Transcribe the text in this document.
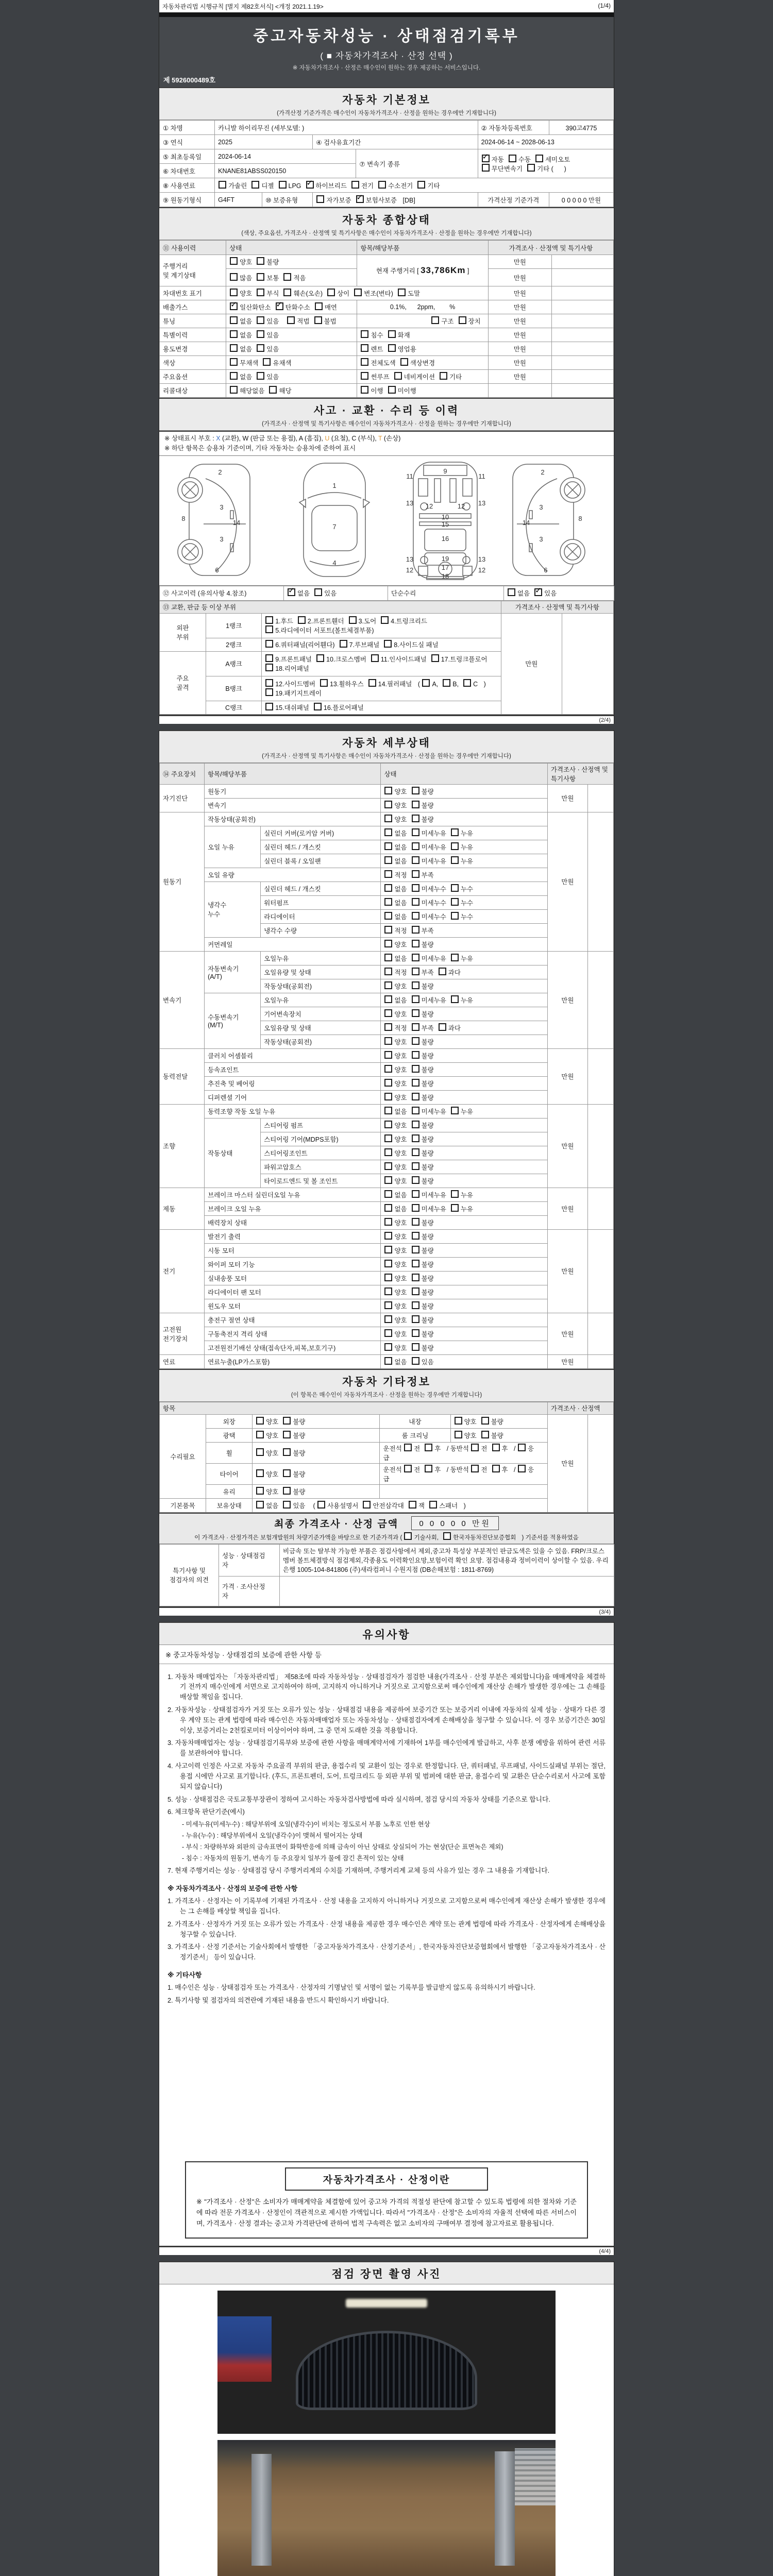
자동차관리법 시행규칙 [별지 제82호서식] <개정 2021.1.19>	(1/4)
중고자동차성능 · 상태점검기록부
( ■ 자동차가격조사 · 산정 선택 )
※ 자동차가격조사 · 산정은 매수인이 원하는 경우 제공하는 서비스입니다.
제 5926000489호
자동차 기본정보
(가격산정 기준가격은 매수인이 자동차가격조사 · 산정을 원하는 경우에만 기재합니다)
① 차명	카니발 하이리무진 (세부모델: )				② 자동차등록번호	390고4775
③ 연식	2025		④ 검사유효기간		2024-06-14 ~ 2028-06-13	
⑤ 최초등록일	2024-06-14			⑦ 변속기 종류	✓자동 수동 세미오토
무단변속기 기타 (      )
⑥ 차대번호	KNANE81ABSS020150					
⑧ 사용연료	가솔린 디젤 LPG ✓ 하이브리드 전기 수소전기 기타
⑨ 원동기형식	G4FT	⑩ 보증유형	자가보증 ✓ 보험사보증 [DB]		가격산정 기준가격	0 0 0 0 0 만원
자동차 종합상태
(색상, 주요옵션, 가격조사 · 산정액 및 특기사항은 매수인이 자동차가격조사 · 산정을 원하는 경우에만 기재합니다)
⑪ 사용이력	상태	항목/해당부품	가격조사 · 산정액 및 특기사항	
주행거리
및 계기상태	양호 불량	현재 주행거리 [ 33,786Km ]	만원	
	많음 보통 적음		만원	
차대번호 표기	양호 부식 훼손(오손) 상이 변조(변타) 도말		만원	
배출가스	✓일산화탄소 ✓ 탄화수소 매연	0.1%,      2ppm,        %	만원	
튜닝	없음 있음 적법 불법	구조 장치	만원	
특별이력	없음 있음	침수 화재	만원	
용도변경	없음 있음	렌트 영업용	만원	
색상	무채색 유채색	전체도색 색상변경	만원	
주요옵션	없음 있음	썬루프 네비게이션 기타	만원	
리콜대상	해당없음 해당	이행 미이행		
사고 · 교환 · 수리 등 이력
(가격조사 · 산정액 및 특기사항은 매수인이 자동차가격조사 · 산정을 원하는 경우에만 기재합니다)
※ 상태표시 부호 : X (교환), W (판금 또는 용접), A (흠집), U (요철), C (부식), T (손상)
※ 하단 항목은 승용차 기준이며, 기타 자동차는 승용차에 준하여 표시
2
8
3
14
3
6
1
7
4
9
11	11
12	12
13	13
10
15
16
13	13
19
12	12
17
18
2
8
3
14
3
6
⑫ 사고이력 (유의사항 4.참조)	✓없음 있음	단순수리	없음 ✓ 있음
⑬ 교환, 판금 등 이상 부위			가격조사 · 산정액 및 특기사항	
외판
부위	1랭크	1.후드 2.프론트휀더 3.도어 4.트렁크리드
5.라디에이터 서포트(볼트체결부품)	만원	
	2랭크	6.쿼터패널(리어휀다) 7.루브패널 8.사이드실 패널		
주요
골격	A랭크	9.프론트패널 10.크로스멤버 11.인사이드패널 17.트렁크플로어
18.리어패널		
	B랭크	12.사이드멤버 13.휠하우스 14.필러패널 ( A, B, C )
19.패키지트레이		
	C랭크	15.대쉬패널 16.플로어패널		
(2/4)
자동차 세부상태
(가격조사 · 산정액 및 특기사항은 매수인이 자동차가격조사 · 산정을 원하는 경우에만 기재합니다)
⑭ 주요장치	항목/해당부품		상태	가격조사 · 산정액 및 특기사항	
자기진단	원동기		양호 불량	만원	
	변속기		양호 불량		
원동기	작동상태(공회전)		양호 불량	만원	
	오일 누유	실린더 커버(로커암 커버)	없음 미세누유 누유		
		실린더 헤드 / 개스킷	없음 미세누유 누유		
		실린더 블록 / 오일팬	없음 미세누유 누유		
	오일 유량		적정 부족		
	냉각수
누수	실린더 헤드 / 개스킷	없음 미세누수 누수		
		워터펌프	없음 미세누수 누수		
		라디에이터	없음 미세누수 누수		
		냉각수 수량	적정 부족		
	커먼레일		양호 불량		
변속기	자동변속기
(A/T)	오일누유	없음 미세누유 누유	만원	
		오일유량 및 상태	적정 부족 과다		
		작동상태(공회전)	양호 불량		
	수동변속기
(M/T)	오일누유	없음 미세누유 누유		
		기어변속장치	양호 불량		
		오일유량 및 상태	적정 부족 과다		
		작동상태(공회전)	양호 불량		
동력전달	클러치 어셈블리		양호 불량	만원	
	등속죠인트		양호 불량		
	추진축 및 베어링		양호 불량		
	디퍼렌셜 기어		양호 불량		
조향	동력조향 작동 오일 누유		없음 미세누유 누유	만원	
	작동상태	스티어링 펌프	양호 불량		
		스티어링 기어(MDPS포함)	양호 불량		
		스티어링조인트	양호 불량		
		파워고압호스	양호 불량		
		타이로드엔드 및 볼 조인트	양호 불량		
제동	브레이크 마스터 실린더오일 누유		없음 미세누유 누유	만원	
	브레이크 오일 누유		없음 미세누유 누유		
	배력장치 상태		양호 불량		
전기	발전기 출력		양호 불량	만원	
	시동 모터		양호 불량		
	와이퍼 모터 기능		양호 불량		
	실내송풍 모터		양호 불량		
	라디에이터 팬 모터		양호 불량		
	윈도우 모터		양호 불량		
고전원
전기장치	충전구 절연 상태		양호 불량	만원	
	구동축전지 격리 상태		양호 불량		
	고전원전기배선 상태(접속단자,피복,보호기구)		양호 불량		
연료	연료누출(LP가스포함)		없음 있음	만원	
자동차 기타정보
(이 항목은 매수인이 자동차가격조사 · 산정을 원하는 경우에만 기재합니다)
항목					가격조사 · 산정액	
수리필요	외장	양호 불량	내장	양호 불량	만원	
	광택	양호 불량	룸 크리닝	양호 불량		
	휠	양호 불량	운전석 전 후 / 동반석 전 후 / 응급			
	타이어	양호 불량	운전석 전 후 / 동반석 전 후 / 응급			
	유리	양호 불량				
기본품목	보유상태	없음 있음  ( 사용설명서 안전삼각대 잭 스패너 )				
최종 가격조사 · 산정 금액	0 0 0 0 0 만원
이 가격조사 · 산정가격은 보험개발원의 차량기준가액을 바탕으로 한 기준가격과 ( 기술사회, 한국자동차진단보증협회 ) 기준서를 적용하였음
특기사항 및
점검자의 의견	성능 · 상태점검
자	비금속 또는 탈부착 가능한 부품은 점검사항에서 제외,중고차 특성상 부분적인 판금도색은 있을 수 있음. FRP/크로스멤버 볼트체결방식 점검제외,각종용도 이력확인요망,보험이력 확인 요망. 점검내용과 정비이력이 상이할 수 있음. 우리은행 1005-104-841806 (주)새라컴퍼니 수원지점 (DB손해보험 : 1811-8769)
	가격 · 조사산정
자	
(3/4)
유의사항
※ 중고자동차성능 · 상태점검의 보증에 관한 사항 등
1. 자동차 매매업자는 「자동차관리법」 제58조에 따라 자동차성능 · 상태점검자가 점검한 내용(가격조사 · 산정 부분은 제외합니다)을 매매계약을 체결하기 전까지 매수인에게 서면으로 고지하여야 하며, 고지하지 아니하거나 거짓으로 고지함으로써 매수인에게 재산상 손해가 발생한 경우에는 그 손해를 배상할 책임을 집니다.
2. 자동차성능 · 상태점검자가 거짓 또는 오류가 있는 성능 · 상태점검 내용을 제공하여 보증기간 또는 보증거리 이내에 자동차의 실제 성능 · 상태가 다른 경우 계약 또는 관계 법령에 따라 매수인은 자동차매매업자 또는 자동차성능 · 상태점검자에게 손해배상을 청구할 수 있습니다. 이 경우 보증기간은 30일 이상, 보증거리는 2천킬로미터 이상이어야 하며, 그 중 먼저 도래한 것을 적용합니다.
3. 자동차매매업자는 성능 · 상태점검기록부와 보증에 관한 사항을 매매계약서에 기재하여 1부를 매수인에게 발급하고, 사후 분쟁 예방을 위하여 관련 서류를 보관하여야 합니다.
4. 사고이력 인정은 사고로 자동차 주요골격 부위의 판금, 용접수리 및 교환이 있는 경우로 한정합니다. 단, 쿼터패널, 루프패널, 사이드실패널 부위는 절단, 용접 시에만 사고로 표기합니다. (후드, 프론트펜더, 도어, 트렁크리드 등 외판 부위 및 범퍼에 대한 판금, 용접수리 및 교환은 단순수리로서 사고에 포함되지 않습니다)
5. 성능 · 상태점검은 국토교통부장관이 정하여 고시하는 자동차검사방법에 따라 실시하며, 점검 당시의 자동차 상태를 기준으로 합니다.
6. 체크항목 판단기준(예시)
- 미세누유(미세누수) : 해당부위에 오일(냉각수)이 비치는 정도로서 부품 노후로 인한 현상
- 누유(누수) : 해당부위에서 오일(냉각수)이 맺혀서 떨어지는 상태
- 부식 : 차량하부와 외판의 금속표면이 화학반응에 의해 금속이 아닌 상태로 상실되어 가는 현상(단순 표면녹은 제외)
- 침수 : 자동차의 원동기, 변속기 등 주요장치 일부가 물에 잠긴 흔적이 있는 상태
7. 현재 주행거리는 성능 · 상태점검 당시 주행거리계의 수치를 기재하며, 주행거리계 교체 등의 사유가 있는 경우 그 내용을 기재합니다.
※ 자동차가격조사 · 산정의 보증에 관한 사항
1. 가격조사 · 산정자는 이 기록부에 기재된 가격조사 · 산정 내용을 고지하지 아니하거나 거짓으로 고지함으로써 매수인에게 재산상 손해가 발생한 경우에는 그 손해를 배상할 책임을 집니다.
2. 가격조사 · 산정자가 거짓 또는 오류가 있는 가격조사 · 산정 내용을 제공한 경우 매수인은 계약 또는 관계 법령에 따라 가격조사 · 산정자에게 손해배상을 청구할 수 있습니다.
3. 가격조사 · 산정 기준서는 기술사회에서 발행한 「중고자동차가격조사 · 산정기준서」, 한국자동차진단보증협회에서 발행한 「중고자동차가격조사 · 산정기준서」 등이 있습니다.
※ 기타사항
1. 매수인은 성능 · 상태점검자 또는 가격조사 · 산정자의 기명날인 및 서명이 없는 기록부를 발급받지 않도록 유의하시기 바랍니다.
2. 특기사항 및 점검자의 의견란에 기재된 내용을 반드시 확인하시기 바랍니다.
자동차가격조사 · 산정이란
※ "가격조사 · 산정"은 소비자가 매매계약을 체결함에 있어 중고차 가격의 적절성 판단에 참고할 수 있도록 법령에 의한 절차와 기준에 따라 전문 가격조사 · 산정인이 객관적으로 제시한 가액입니다. 따라서 "가격조사 · 산정"은 소비자의 자율적 선택에 따른 서비스이며, 가격조사 · 산정 결과는 중고차 가격판단에 관하여 법적 구속력은 없고 소비자의 구매여부 결정에 참고자료로 활용됩니다.
(4/4)
점검 장면 촬영 사진
